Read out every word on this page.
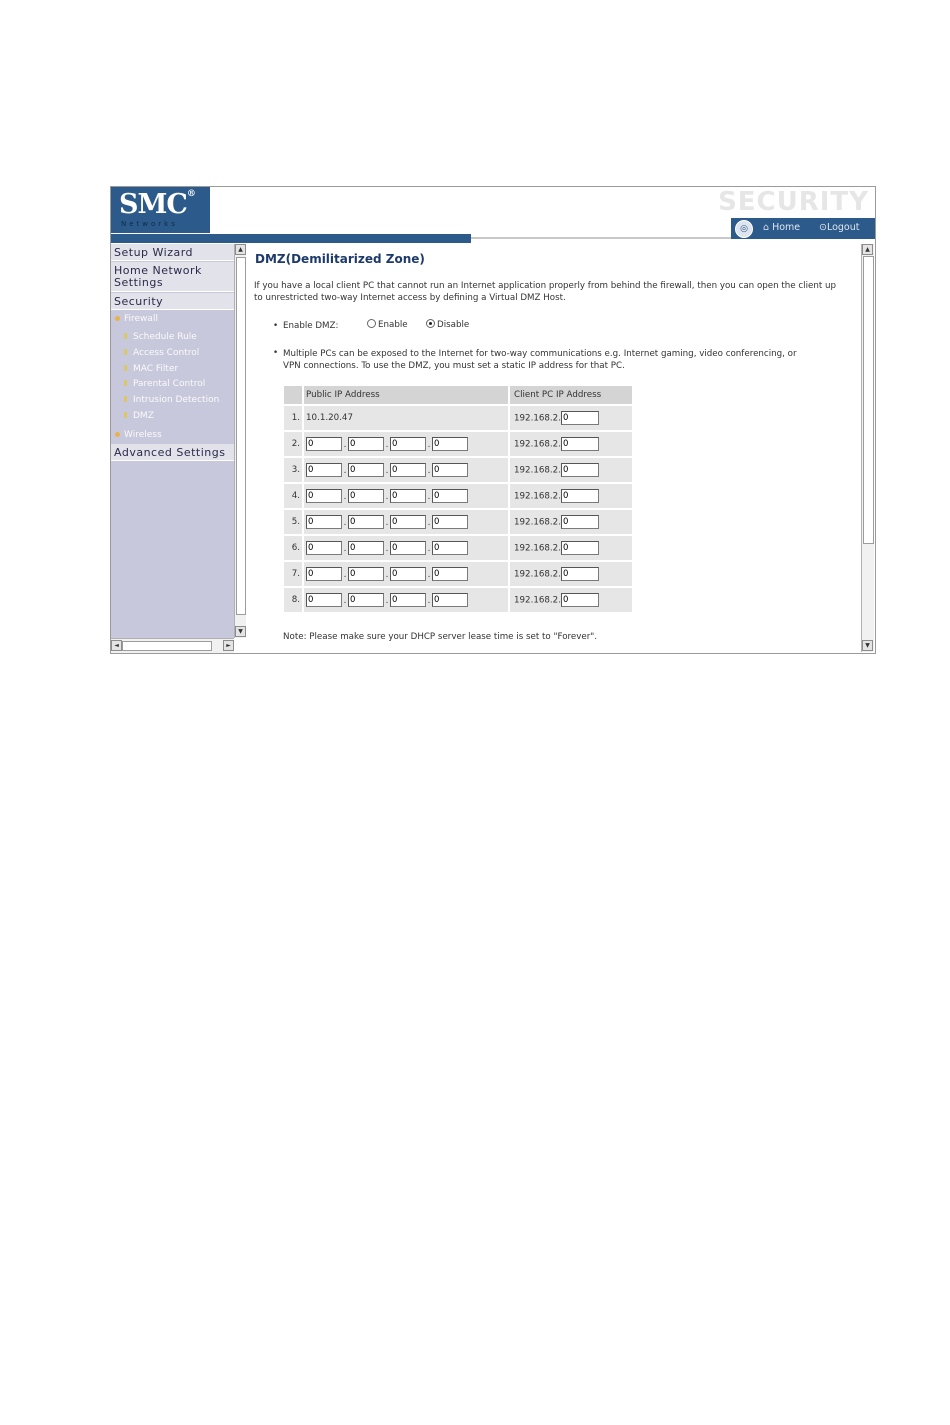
SMC®
Networks
SECURITY
◎	⌂ Home ⊙Logout
Setup Wizard
Home Network
Settings
Security
Firewall
Schedule Rule
Access Control
MAC Filter
Parental Control
Intrusion Detection
DMZ
Wireless
Advanced Settings
▲
▼
◄	►
DMZ(Demilitarized Zone)
If you have a local client PC that cannot run an Internet application properly from behind the firewall, then you can open the client up to unrestricted two-way Internet access by defining a Virtual DMZ Host.
• Enable DMZ:	Enable	Disable
• Multiple PCs can be exposed to the Internet for two-way communications e.g. Internet gaming, video conferencing, or VPN connections. To use the DMZ, you must set a static IP address for that PC.
	Public IP Address	Client PC IP Address
1.	10.1.20.47	192.168.2.0
2.	0.0 .0 .0	192.168.2.0
3.	0.0 .0 .0	192.168.2.0
4.	0.0 .0 .0	192.168.2.0
5.	0.0 .0 .0	192.168.2.0
6.	0.0 .0 .0	192.168.2.0
7.	0.0 .0 .0	192.168.2.0
8.	0.0 .0 .0	192.168.2.0
Note: Please make sure your DHCP server lease time is set to "Forever".
▲
▼
